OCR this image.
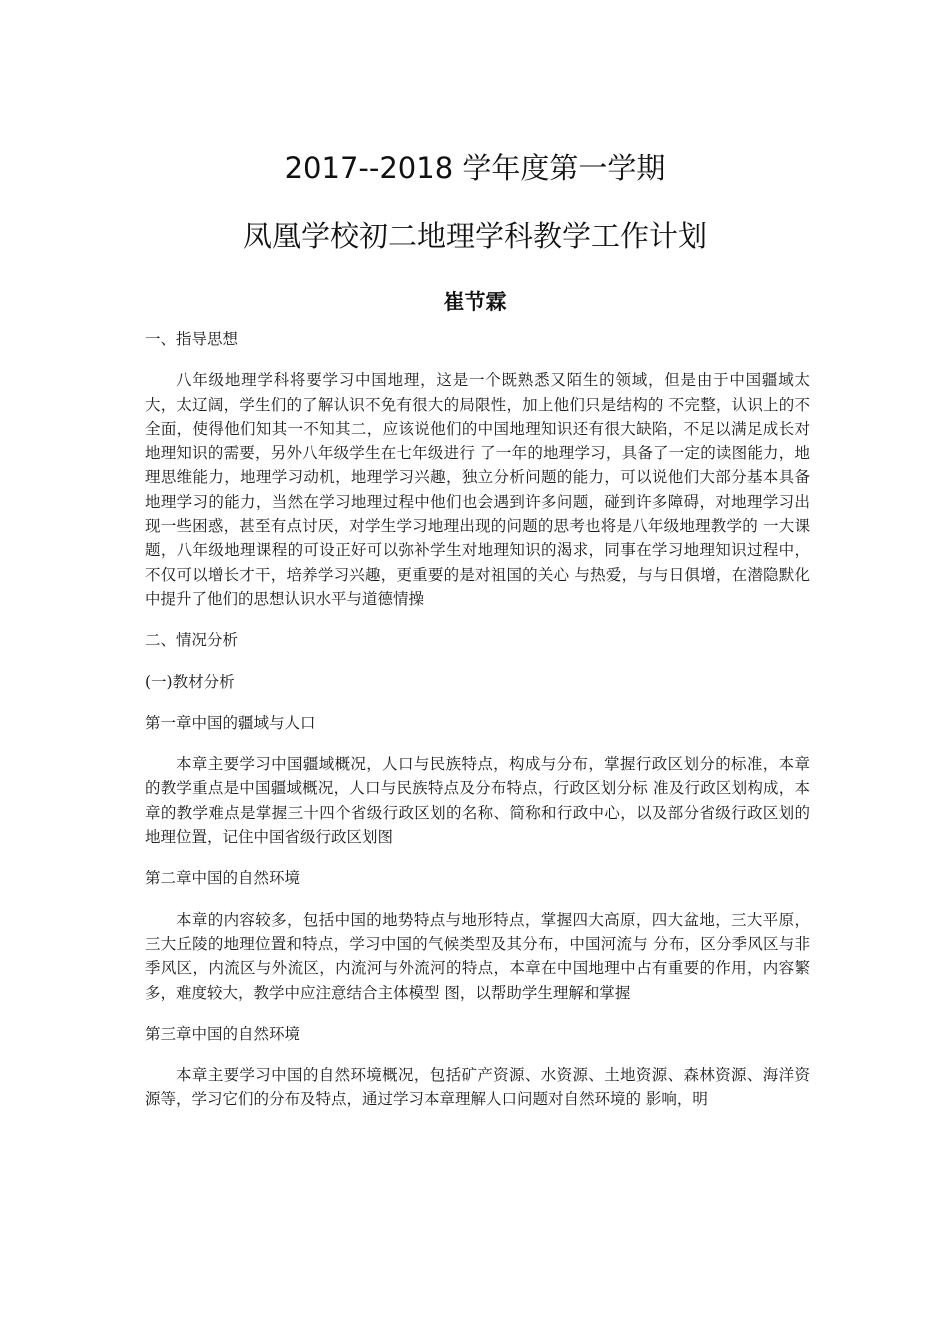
2017--2018 学年度第一学期
凤凰学校初二地理学科教学工作计划
崔节霖

一、指导思想

八年级地理学科将要学习中国地理，这是一个既熟悉又陌生的领域，但是由于中国疆域太大，太辽阔，学生们的了解认识不免有很大的局限性，加上他们只是结构的 不完整，认识上的不全面，使得他们知其一不知其二，应该说他们的中国地理知识还有很大缺陷，不足以满足成长对地理知识的需要，另外八年级学生在七年级进行 了一年的地理学习，具备了一定的读图能力，地理思维能力，地理学习动机，地理学习兴趣，独立分析问题的能力，可以说他们大部分基本具备地理学习的能力，当然在学习地理过程中他们也会遇到许多问题，碰到许多障碍，对地理学习出现一些困惑，甚至有点讨厌，对学生学习地理出现的问题的思考也将是八年级地理教学的 一大课题，八年级地理课程的可设正好可以弥补学生对地理知识的渴求，同事在学习地理知识过程中，不仅可以增长才干，培养学习兴趣，更重要的是对祖国的关心 与热爱，与与日俱增，在潜隐默化中提升了他们的思想认识水平与道德情操

二、情况分析

(一)教材分析

第一章中国的疆域与人口

本章主要学习中国疆域概况，人口与民族特点，构成与分布，掌握行政区划分的标准，本章的教学重点是中国疆域概况，人口与民族特点及分布特点，行政区划分标 准及行政区划构成，本章的教学难点是掌握三十四个省级行政区划的名称、简称和行政中心，以及部分省级行政区划的地理位置，记住中国省级行政区划图

第二章中国的自然环境

本章的内容较多，包括中国的地势特点与地形特点，掌握四大高原，四大盆地，三大平原，三大丘陵的地理位置和特点，学习中国的气候类型及其分布，中国河流与 分布，区分季风区与非季风区，内流区与外流区，内流河与外流河的特点，本章在中国地理中占有重要的作用，内容繁多，难度较大，教学中应注意结合主体模型 图，以帮助学生理解和掌握

第三章中国的自然环境

本章主要学习中国的自然环境概况，包括矿产资源、水资源、土地资源、森林资源、海洋资源等，学习它们的分布及特点，通过学习本章理解人口问题对自然环境的 影响，明
